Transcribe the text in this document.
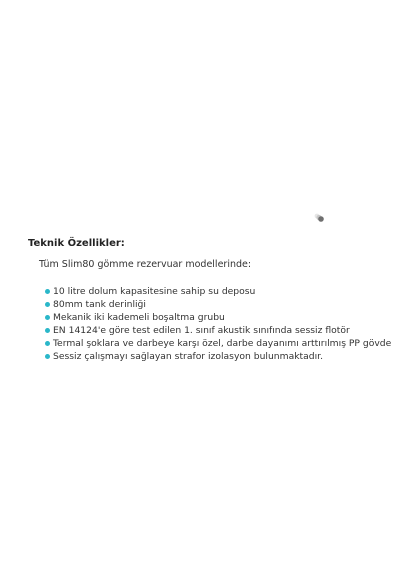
Teknik Özellikler:

Tüm Slim80 gömme rezervuar modellerinde:

10 litre dolum kapasitesine sahip su deposu
80mm tank derinliği
Mekanik iki kademeli boşaltma grubu
EN 14124'e göre test edilen 1. sınıf akustik sınıfında sessiz flotör
Termal şoklara ve darbeye karşı özel, darbe dayanımı arttırılmış PP gövde
Sessiz çalışmayı sağlayan strafor izolasyon bulunmaktadır.
